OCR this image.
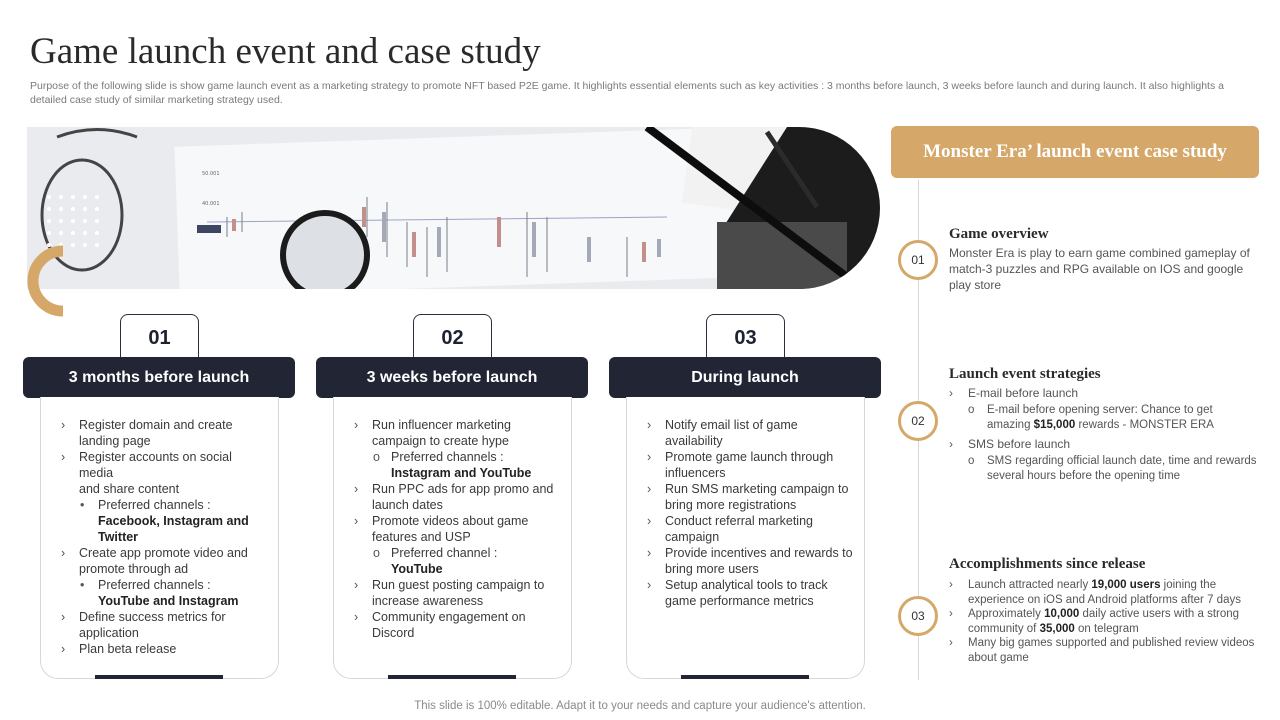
Game launch event and case study
Purpose of the following slide is show game launch event as a marketing strategy to promote NFT based P2E game. It highlights essential elements such as key activities : 3 months before launch, 3 weeks before launch and during launch. It also highlights a detailed case study of similar marketing strategy used.
50.001
40.001
01
3 months before launch
› Register domain and create landing page
› Register accounts on social media
and share content
• Preferred channels :
Facebook, Instagram and Twitter
› Create app promote video and promote through ad
• Preferred channels :
YouTube and Instagram
› Define success metrics for application
› Plan beta release
02
3 weeks before launch
› Run influencer marketing campaign to create hype
o Preferred channels :
Instagram and YouTube
› Run PPC ads for app promo and launch dates
› Promote videos about game features and USP
o Preferred channel :
YouTube
› Run guest posting campaign to increase awareness
› Community engagement on Discord
03
During launch
› Notify email list of game availability
› Promote game launch through influencers
› Run SMS marketing campaign to bring more registrations
› Conduct referral marketing campaign
› Provide incentives and rewards to bring more users
› Setup analytical tools to track game performance metrics
Monster Era’ launch event case study
01
Game overview
Monster Era is play to earn game combined gameplay of match-3 puzzles and RPG available on IOS and google play store
02
Launch event strategies
› E-mail before launch
o E-mail before opening server: Chance to get amazing $15,000 rewards - MONSTER ERA
› SMS before launch
o SMS regarding official launch date, time and rewards several hours before the opening time
03
Accomplishments since release
› Launch attracted nearly 19,000 users joining the experience on iOS and Android platforms after 7 days
› Approximately 10,000 daily active users with a strong community of 35,000 on telegram
› Many big games supported and published review videos about game
This slide is 100% editable. Adapt it to your needs and capture your audience's attention.
